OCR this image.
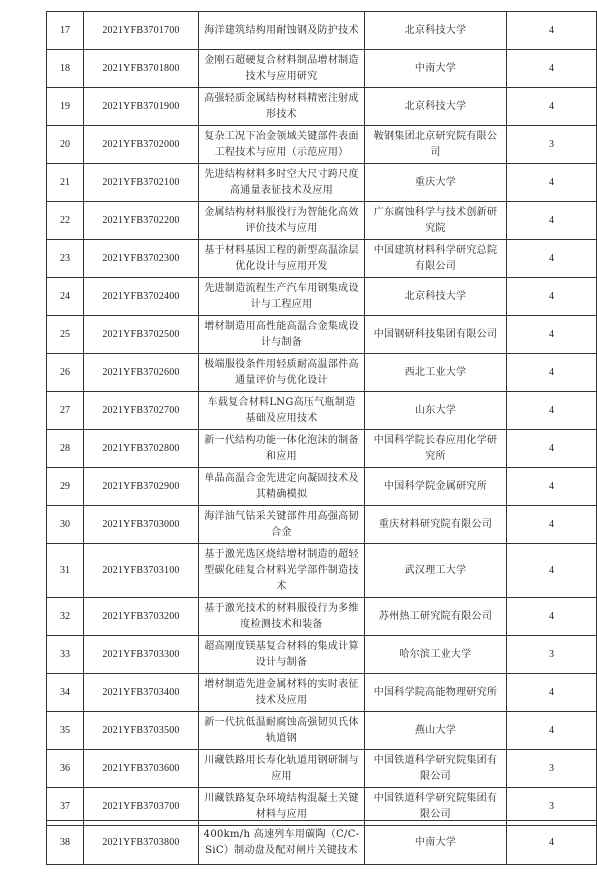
17	2021YFB3701700	海洋建筑结构用耐蚀钢及防护技术	北京科技大学	4
18	2021YFB3701800	金刚石超硬复合材料制品增材制造技术与应用研究	中南大学	4
19	2021YFB3701900	高强轻质金属结构材料精密注射成形技术	北京科技大学	4
20	2021YFB3702000	复杂工况下冶金领域关键部件表面工程技术与应用（示范应用）	鞍钢集团北京研究院有限公司	3
21	2021YFB3702100	先进结构材料多时空大尺寸跨尺度高通量表征技术及应用	重庆大学	4
22	2021YFB3702200	金属结构材料服役行为智能化高效评价技术与应用	广东腐蚀科学与技术创新研究院	4
23	2021YFB3702300	基于材料基因工程的新型高温涂层优化设计与应用开发	中国建筑材料科学研究总院有限公司	4
24	2021YFB3702400	先进制造流程生产汽车用钢集成设计与工程应用	北京科技大学	4
25	2021YFB3702500	增材制造用高性能高温合金集成设计与制备	中国钢研科技集团有限公司	4
26	2021YFB3702600	极端服役条件用轻质耐高温部件高通量评价与优化设计	西北工业大学	4
27	2021YFB3702700	车载复合材料LNG高压气瓶制造基础及应用技术	山东大学	4
28	2021YFB3702800	新一代结构功能一体化泡沫的制备和应用	中国科学院长春应用化学研究所	4
29	2021YFB3702900	单晶高温合金先进定向凝固技术及其精确模拟	中国科学院金属研究所	4
30	2021YFB3703000	海洋油气钻采关键部件用高强高韧合金	重庆材料研究院有限公司	4
31	2021YFB3703100	基于激光选区烧结增材制造的超轻型碳化硅复合材料光学部件制造技术	武汉理工大学	4
32	2021YFB3703200	基于激光技术的材料服役行为多维度检测技术和装备	苏州热工研究院有限公司	4
33	2021YFB3703300	超高刚度镁基复合材料的集成计算设计与制备	哈尔滨工业大学	3
34	2021YFB3703400	增材制造先进金属材料的实时表征技术及应用	中国科学院高能物理研究所	4
35	2021YFB3703500	新一代抗低温耐腐蚀高强韧贝氏体轨道钢	燕山大学	4
36	2021YFB3703600	川藏铁路用长寿化轨道用钢研制与应用	中国铁道科学研究院集团有限公司	3
37	2021YFB3703700	川藏铁路复杂环境结构混凝土关键材料与应用	中国铁道科学研究院集团有限公司	3
38	2021YFB3703800	400km/h 高速列车用碳陶（C/C-SiC）制动盘及配对闸片关键技术	中南大学	4
